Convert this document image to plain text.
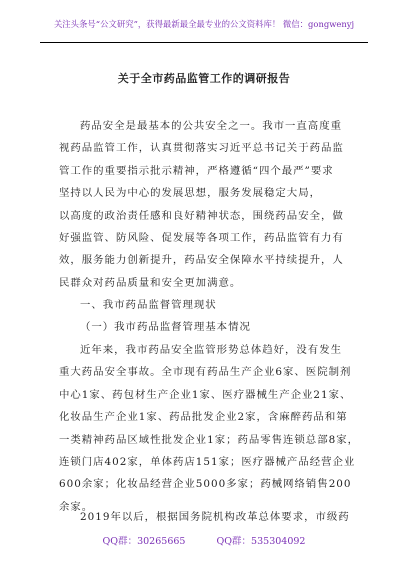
关注头条号“公文研究”，获得最新最全最专业的公文资料库！ 微信：gongwenyj
关于全市药品监管工作的调研报告
药品安全是最基本的公共安全之一。我市一直高度重
视药品监管工作，认真贯彻落实习近平总书记关于药品监
管工作的重要指示批示精神，严格遵循“四个最严”要求
坚持以人民为中心的发展思想，服务发展稳定大局，
以高度的政治责任感和良好精神状态，围绕药品安全，做
好强监管、防风险、促发展等各项工作，药品监管有力有
效，服务能力创新提升，药品安全保障水平持续提升，人
民群众对药品质量和安全更加满意。
一、我市药品监督管理现状
（一）我市药品监督管理基本情况
近年来，我市药品安全监管形势总体趋好，没有发生
重大药品安全事故。全市现有药品生产企业6家、医院制剂
中心1家、药包材生产企业1家、医疗器械生产企业21家、
化妆品生产企业1家、药品批发企业2家，含麻醉药品和第
一类精神药品区域性批发企业1家；药品零售连锁总部8家，
连锁门店402家，单体药店151家；医疗器械产品经营企业
600余家；化妆品经营企业5000多家；药械网络销售200
余家。
2019年以后，根据国务院机构改革总体要求，市级药
QQ群：30265665	QQ群：535304092
